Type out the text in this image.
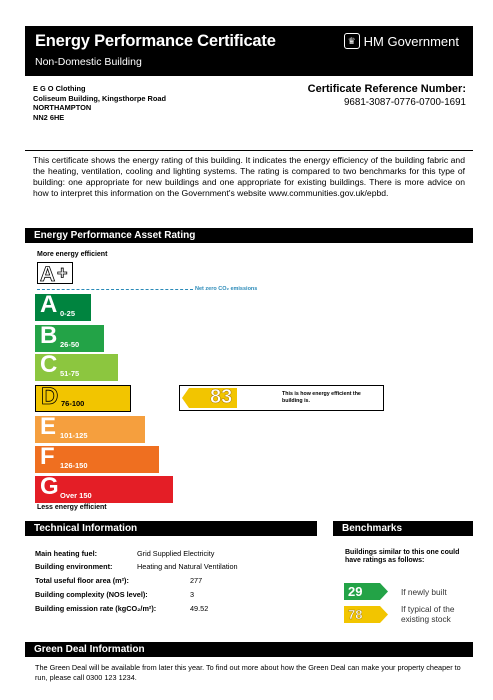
Energy Performance Certificate
Non-Domestic Building
♛ HM Government
E G O Clothing
Coliseum Building, Kingsthorpe Road
NORTHAMPTON
NN2 6HE
Certificate Reference Number:
9681-3087-0776-0700-1691
This certificate shows the energy rating of this building. It indicates the energy efficiency of the building fabric and the heating, ventilation, cooling and lighting systems. The rating is compared to two benchmarks for this type of building: one appropriate for new buildings and one appropriate for existing buildings. There is more advice on how to interpret this information on the Government's website www.communities.gov.uk/epbd.
Energy Performance Asset Rating
More energy efficient
A +
Net zero CO₂ emissions
A 0-25
B 26-50
C 51-75
D 76-100
E 101-125
F 126-150
G Over 150
Less energy efficient
83	This is how energy efficient the building is.
Technical Information	Benchmarks
Main heating fuel:	Grid Supplied Electricity
Building environment:	Heating and Natural Ventilation
Total useful floor area (m²):	277
Building complexity (NOS level):	3
Building emission rate (kgCO₂/m²):	49.52
Buildings similar to this one could have ratings as follows:
29	If newly built
78	If typical of the existing stock
Green Deal Information
The Green Deal will be available from later this year. To find out more about how the Green Deal can make your property cheaper to run, please call 0300 123 1234.
